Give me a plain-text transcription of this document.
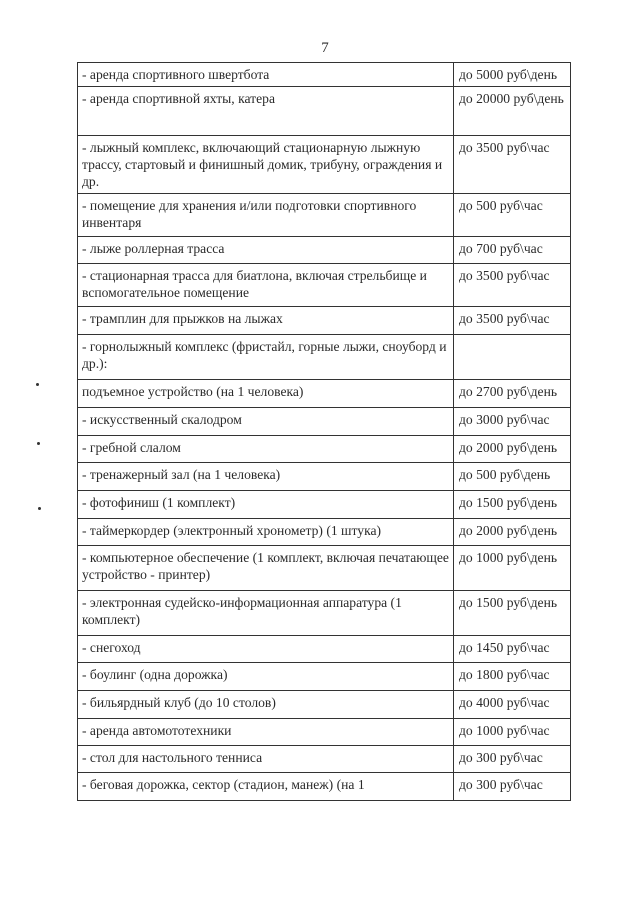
7
- аренда спортивного швертбота	до 5000 руб\день
- аренда спортивной яхты, катера	до 20000 руб\день
- лыжный комплекс, включающий стационарную лыжную трассу, стартовый и финишный домик, трибуну, ограждения и др.	до 3500 руб\час
- помещение для хранения и/или подготовки спортивного инвентаря	до 500 руб\час
- лыже роллерная трасса	до 700 руб\час
- стационарная трасса для биатлона, включая стрельбище и вспомогательное помещение	до 3500 руб\час
- трамплин для прыжков на лыжах	до 3500 руб\час
- горнолыжный комплекс (фристайл, горные лыжи, сноуборд и др.):	
подъемное устройство (на 1 человека)	до 2700 руб\день
- искусственный скалодром	до 3000 руб\час
- гребной слалом	до 2000 руб\день
- тренажерный зал (на 1 человека)	до 500 руб\день
- фотофиниш (1 комплект)	до 1500 руб\день
- таймеркордер (электронный хронометр) (1 штука)	до 2000 руб\день
- компьютерное обеспечение (1 комплект, включая печатающее устройство - принтер)	до 1000 руб\день
- электронная судейско-информационная аппаратура (1 комплект)	до 1500 руб\день
- снегоход	до 1450 руб\час
- боулинг (одна дорожка)	до 1800 руб\час
- бильярдный клуб (до 10 столов)	до 4000 руб\час
- аренда автомототехники	до 1000 руб\час
- стол для настольного тенниса	до 300 руб\час
- беговая дорожка, сектор (стадион, манеж) (на 1	до 300 руб\час
